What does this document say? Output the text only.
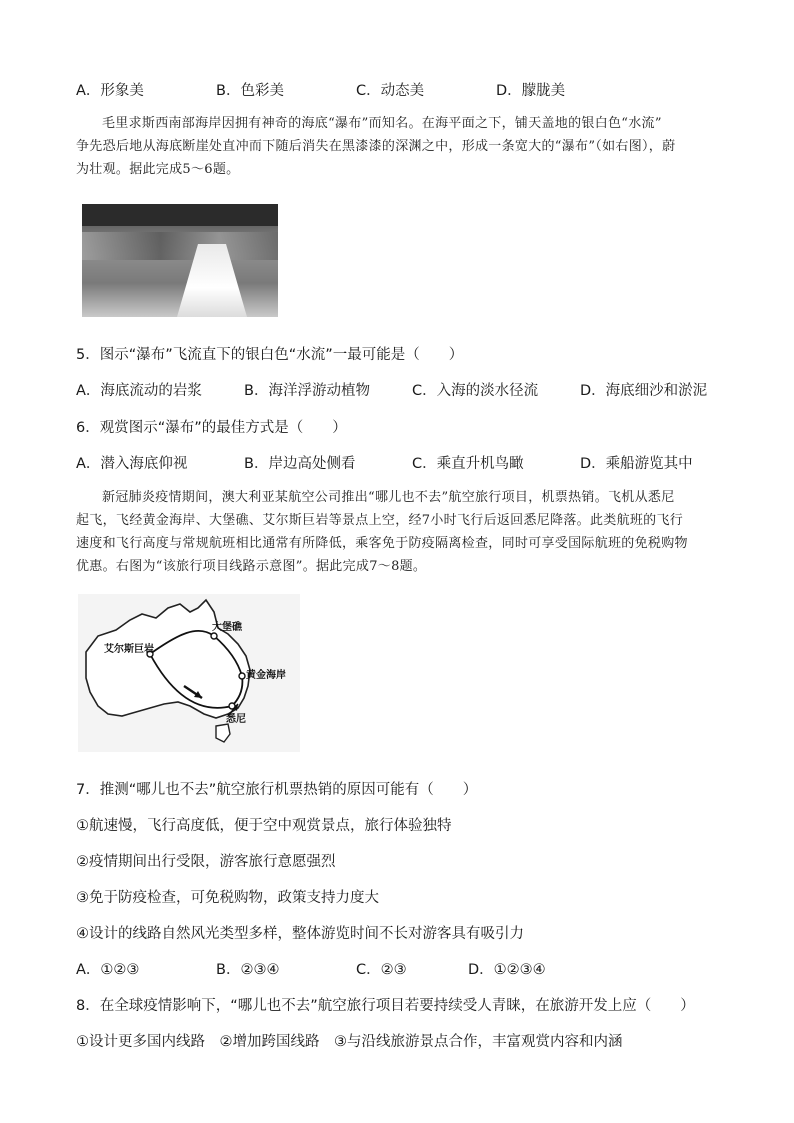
A．形象美	B．色彩美	C．动态美	D．朦胧美
毛里求斯西南部海岸因拥有神奇的海底“瀑布”而知名。在海平面之下，铺天盖地的银白色“水流”
争先恐后地从海底断崖处直冲而下随后消失在黑漆漆的深渊之中，形成一条宽大的“瀑布”（如右图），蔚
为壮观。据此完成5～6题。
5．图示“瀑布”飞流直下的银白色“水流”一最可能是（　　）
A．海底流动的岩浆	B．海洋浮游动植物	C．入海的淡水径流	D．海底细沙和淤泥
6．观赏图示“瀑布”的最佳方式是（　　）
A．潜入海底仰视	B．岸边高处侧看	C．乘直升机鸟瞰	D．乘船游览其中
新冠肺炎疫情期间，澳大利亚某航空公司推出“哪儿也不去”航空旅行项目，机票热销。飞机从悉尼
起飞，飞经黄金海岸、大堡礁、艾尔斯巨岩等景点上空，经7小时飞行后返回悉尼降落。此类航班的飞行
速度和飞行高度与常规航班相比通常有所降低，乘客免于防疫隔离检查，同时可享受国际航班的免税购物
优惠。右图为“该旅行项目线路示意图”。据此完成7～8题。
大堡礁
艾尔斯巨岩
黄金海岸
悉尼
7．推测“哪儿也不去”航空旅行机票热销的原因可能有（　　）
①航速慢，飞行高度低，便于空中观赏景点，旅行体验独特
②疫情期间出行受限，游客旅行意愿强烈
③免于防疫检查，可免税购物，政策支持力度大
④设计的线路自然风光类型多样，整体游览时间不长对游客具有吸引力
A．①②③	B．②③④	C．②③	D．①②③④
8．在全球疫情影响下，“哪儿也不去”航空旅行项目若要持续受人青睐，在旅游开发上应（　　）
①设计更多国内线路　②增加跨国线路　③与沿线旅游景点合作，丰富观赏内容和内涵
